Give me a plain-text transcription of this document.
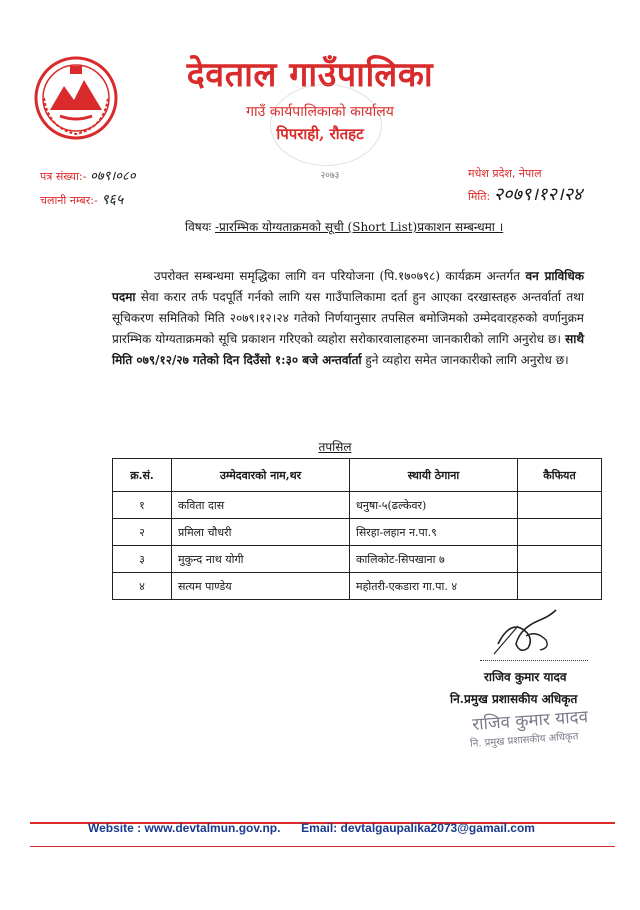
देवताल गाउँपालिका
गाउँ कार्यपालिकाको कार्यालय
पिपराही, रौतहट
२०७३
पत्र संख्या:- ०७९।०८०
चलानी नम्बर:- ९६५
मधेश प्रदेश, नेपाल
मिति: २०७९।१२।२४
विषयः -प्रारम्भिक योग्यताक्रमको सूची (Short List)प्रकाशन सम्बन्धमा ।
उपरोक्त सम्बन्धमा समृद्धिका लागि वन परियोजना (पि.१७०७९८) कार्यक्रम अन्तर्गत वन प्राविधिक पदमा सेवा करार तर्फ पदपूर्ति गर्नको लागि यस गाउँपालिकामा दर्ता हुन आएका दरखास्तहरु अन्तर्वार्ता तथा सूचिकरण समितिको मिति २०७९।१२।२४ गतेको निर्णयानुसार तपसिल बमोजिमको उम्मेदवारहरुको वर्णानुक्रम प्रारम्भिक योग्यताक्रमको सूचि प्रकाशन गरिएको व्यहोरा सरोकारवालाहरुमा जानकारीको लागि अनुरोध छ। साथै मिति ०७९/१२/२७ गतेको दिन दिउँसो १:३० बजे अन्तर्वार्ता हुने व्यहोरा समेत जानकारीको लागि अनुरोध छ।
तपसिल
क्र.सं.	उम्मेदवारको नाम,थर	स्थायी ठेगाना	कैफियत
१	कविता दास	धनुषा-५(ढल्केवर)	
२	प्रमिला चौधरी	सिरहा-लहान न.पा.९	
३	मुकुन्द नाथ योगी	कालिकोट-सिपखाना ७	
४	सत्यम पाण्डेय	महोतरी-एकडारा गा.पा. ४	
राजिव कुमार यादव
नि.प्रमुख प्रशासकीय अधिकृत
राजिव कुमार यादव
नि. प्रमुख प्रशासकीय अधिकृत
Website : www.devtalmun.gov.np. Email: devtalgaupalika2073@gamail.com
